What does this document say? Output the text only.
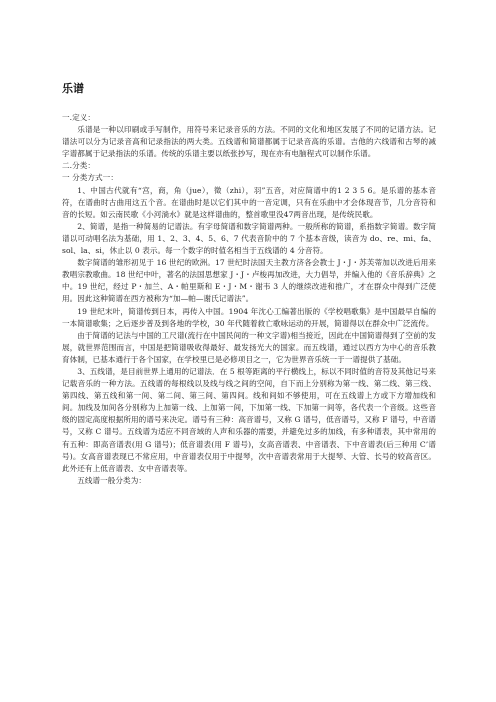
乐谱

一.定义：

乐谱是一种以印刷或手写制作，用符号来记录音乐的方法。不同的文化和地区发展了不同的记谱方法。记谱法可以分为记录音高和记录指法的两大类。五线谱和简谱都属于记录音高的乐谱。吉他的六线谱和古琴的减字谱都属于记录指法的乐谱。传统的乐谱主要以纸张抄写，现在亦有电脑程式可以制作乐谱。

二.分类：

一 分类方式一：

1、中国古代就有“宫，商，角（jue），徵（zhi），羽”五音，对应简谱中的1 2 3 5 6。是乐谱的基本音符，在谱曲时古曲用这五个音。在谱曲时是以它们其中的一音定调，只有在乐曲中才会体现音节，几分音符和音的长短。如云南民歌《小河淌水》就是这样谱曲的，整首歌里没47两音出现，是传统民歌。

2、简谱，是指一种简易的记谱法。有字母简谱和数字简谱两种。一般所称的简谱，系指数字简谱。数字简谱以可动唱名法为基础，用 1、2、3、4、5、6、7 代表音阶中的 7 个基本音级，读音为 do、re、mi、fa、sol、la、si，休止以 0 表示。每一个数字的时值名相当于五线谱的 4 分音符。

数字简谱的雏形初见于 16 世纪的欧洲。17 世纪时法国天主教方济各会教士 J・J・苏芙蒂加以改进后用来教唱宗教歌曲。18 世纪中叶，著名的法国思想家 J・J・卢梭再加改进，大力倡导，并编入他的《音乐辞典》之中。19 世纪，经过 P・加兰、A・帕里斯和 E・J・M・谢韦 3 人的继续改进和推广，才在群众中得到广泛使用。因此这种简谱在西方被称为“加—帕—谢氏记谱法”。

19 世纪末叶，简谱传到日本，再传入中国。1904 年沈心工编著出版的《学校唱歌集》是中国最早自编的一本简谱歌集；之后逐步普及到各地的学校，30 年代随着救亡歌咏运动的开展，简谱得以在群众中广泛流传。

由于简谱的记法与中国的工尺谱(流行在中国民间的一种文字谱)相当接近，因此在中国简谱得到了空前的发展，就世界范围而言，中国是把简谱吸收得最好、最发扬光大的国家。而五线谱，通过以西方为中心的音乐教育体制，已基本通行于各个国家，在学校里已是必修项目之一，它为世界音乐统一于一谱提供了基础。

3、五线谱，是目前世界上通用的记谱法．在 5 根等距离的平行横线上，标以不同时值的音符及其他记号来记载音乐的一种方法。五线谱的每根线以及线与线之间的空间，自下而上分别称为第一线、第二线、第三线、第四线、第五线和第一间、第二间、第三间、第四间。线和间如不够使用，可在五线谱上方或下方增加线和间。加线及加间各分别称为上加第一线、上加第一间，下加第一线、下加第一间等，各代表一个音级。这些音级的固定高度根据所用的谱号来决定。谱号有三种：高音谱号，又称 G 谱号，低音谱号，又称 F 谱号，中音谱号，又称 C 谱号。五线谱为适应不同音域的人声和乐器的需要，并避免过多的加线，有多种谱表，其中常用的有五种：即高音谱表(用 G 谱号)；低音谱表(用 F 谱号)，女高音谱表、中音谱表、下中音谱表(后三种用 C’谱号)。女高音谱表现已不常应用，中音谱表仅用于中提琴，次中音谱表常用于大提琴、大管、长号的较高音区。此外还有上低音谱表、女中音谱表等。

五线谱一般分类为：
